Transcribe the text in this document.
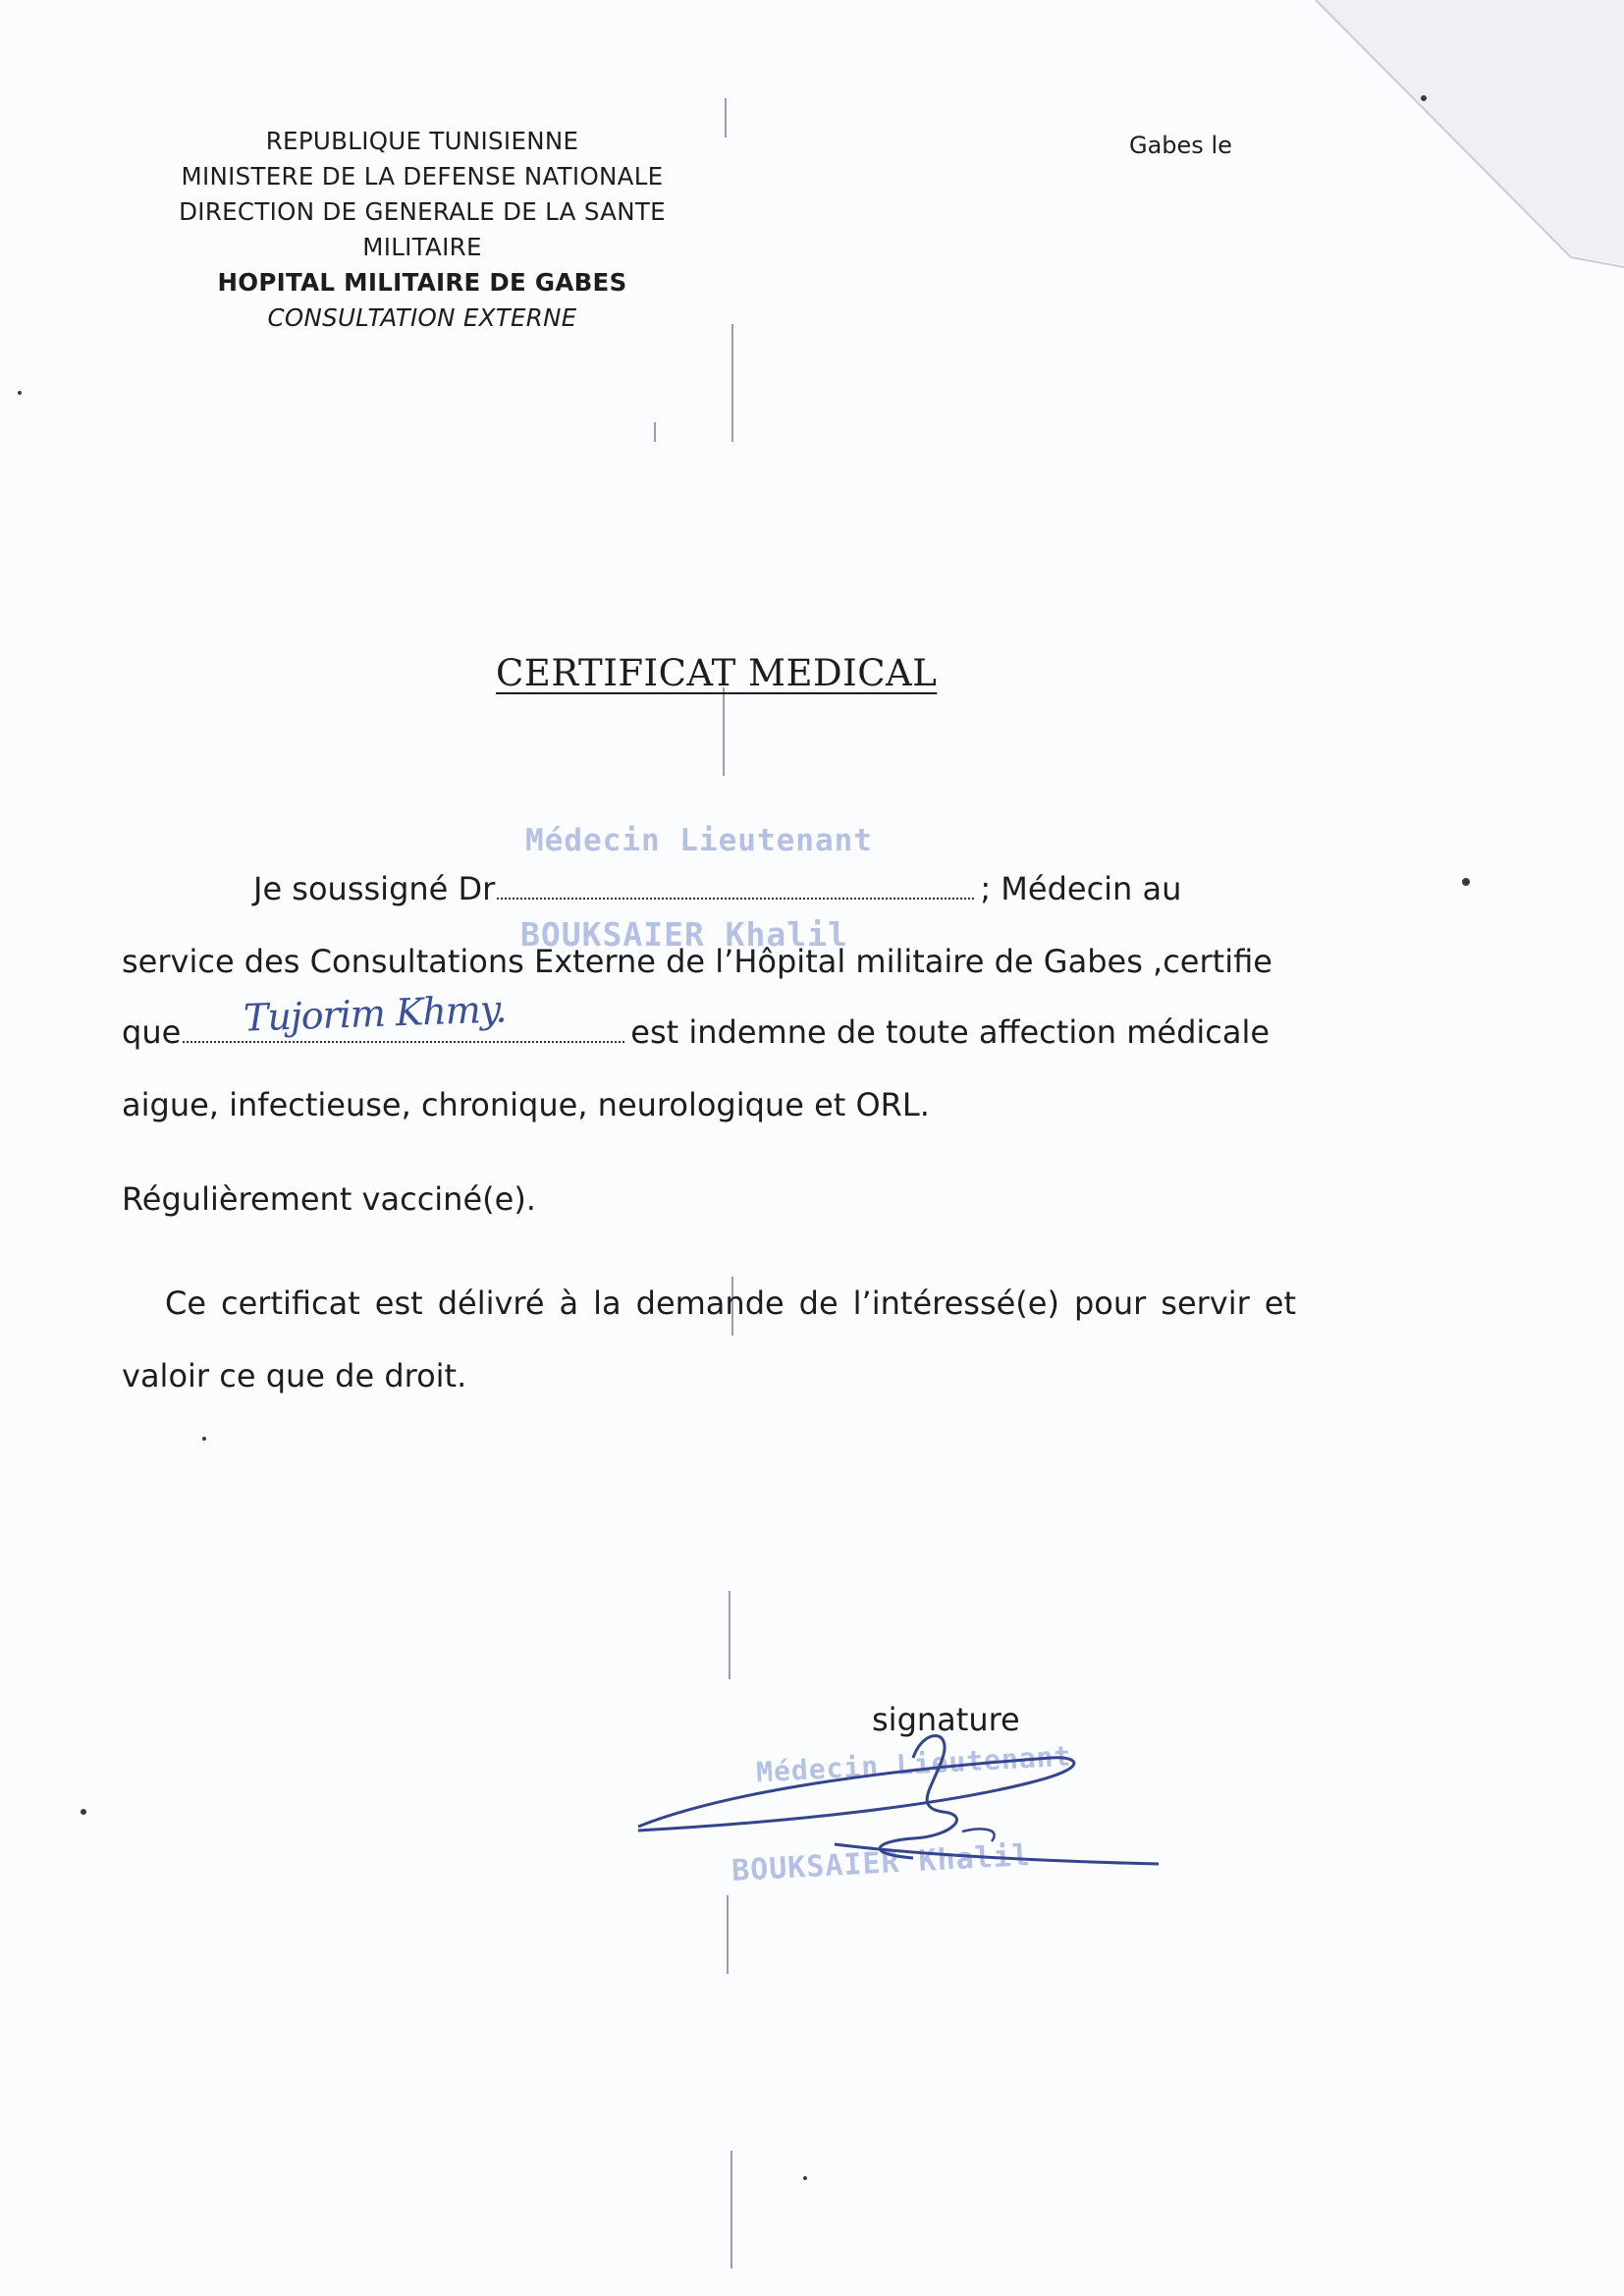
REPUBLIQUE TUNISIENNE
MINISTERE DE LA DEFENSE NATIONALE
DIRECTION DE GENERALE DE LA SANTE MILITAIRE
HOPITAL MILITAIRE DE GABES
CONSULTATION EXTERNE
Gabes le
CERTIFICAT MEDICAL
Médecin Lieutenant
BOUKSAIER Khalil
Je soussigné Dr	; Médecin au
service des Consultations Externe de l’Hôpital militaire de Gabes ,certifie
que	est indemne de toute affection médicale
aigue, infectieuse, chronique, neurologique et ORL.
Régulièrement vacciné(e).
Ce certificat est délivré à la demande de l’intéressé(e) pour servir et
valoir ce que de droit.
Tujorim Khmy.
signature
Médecin Lieutenant
BOUKSAIER Khalil
